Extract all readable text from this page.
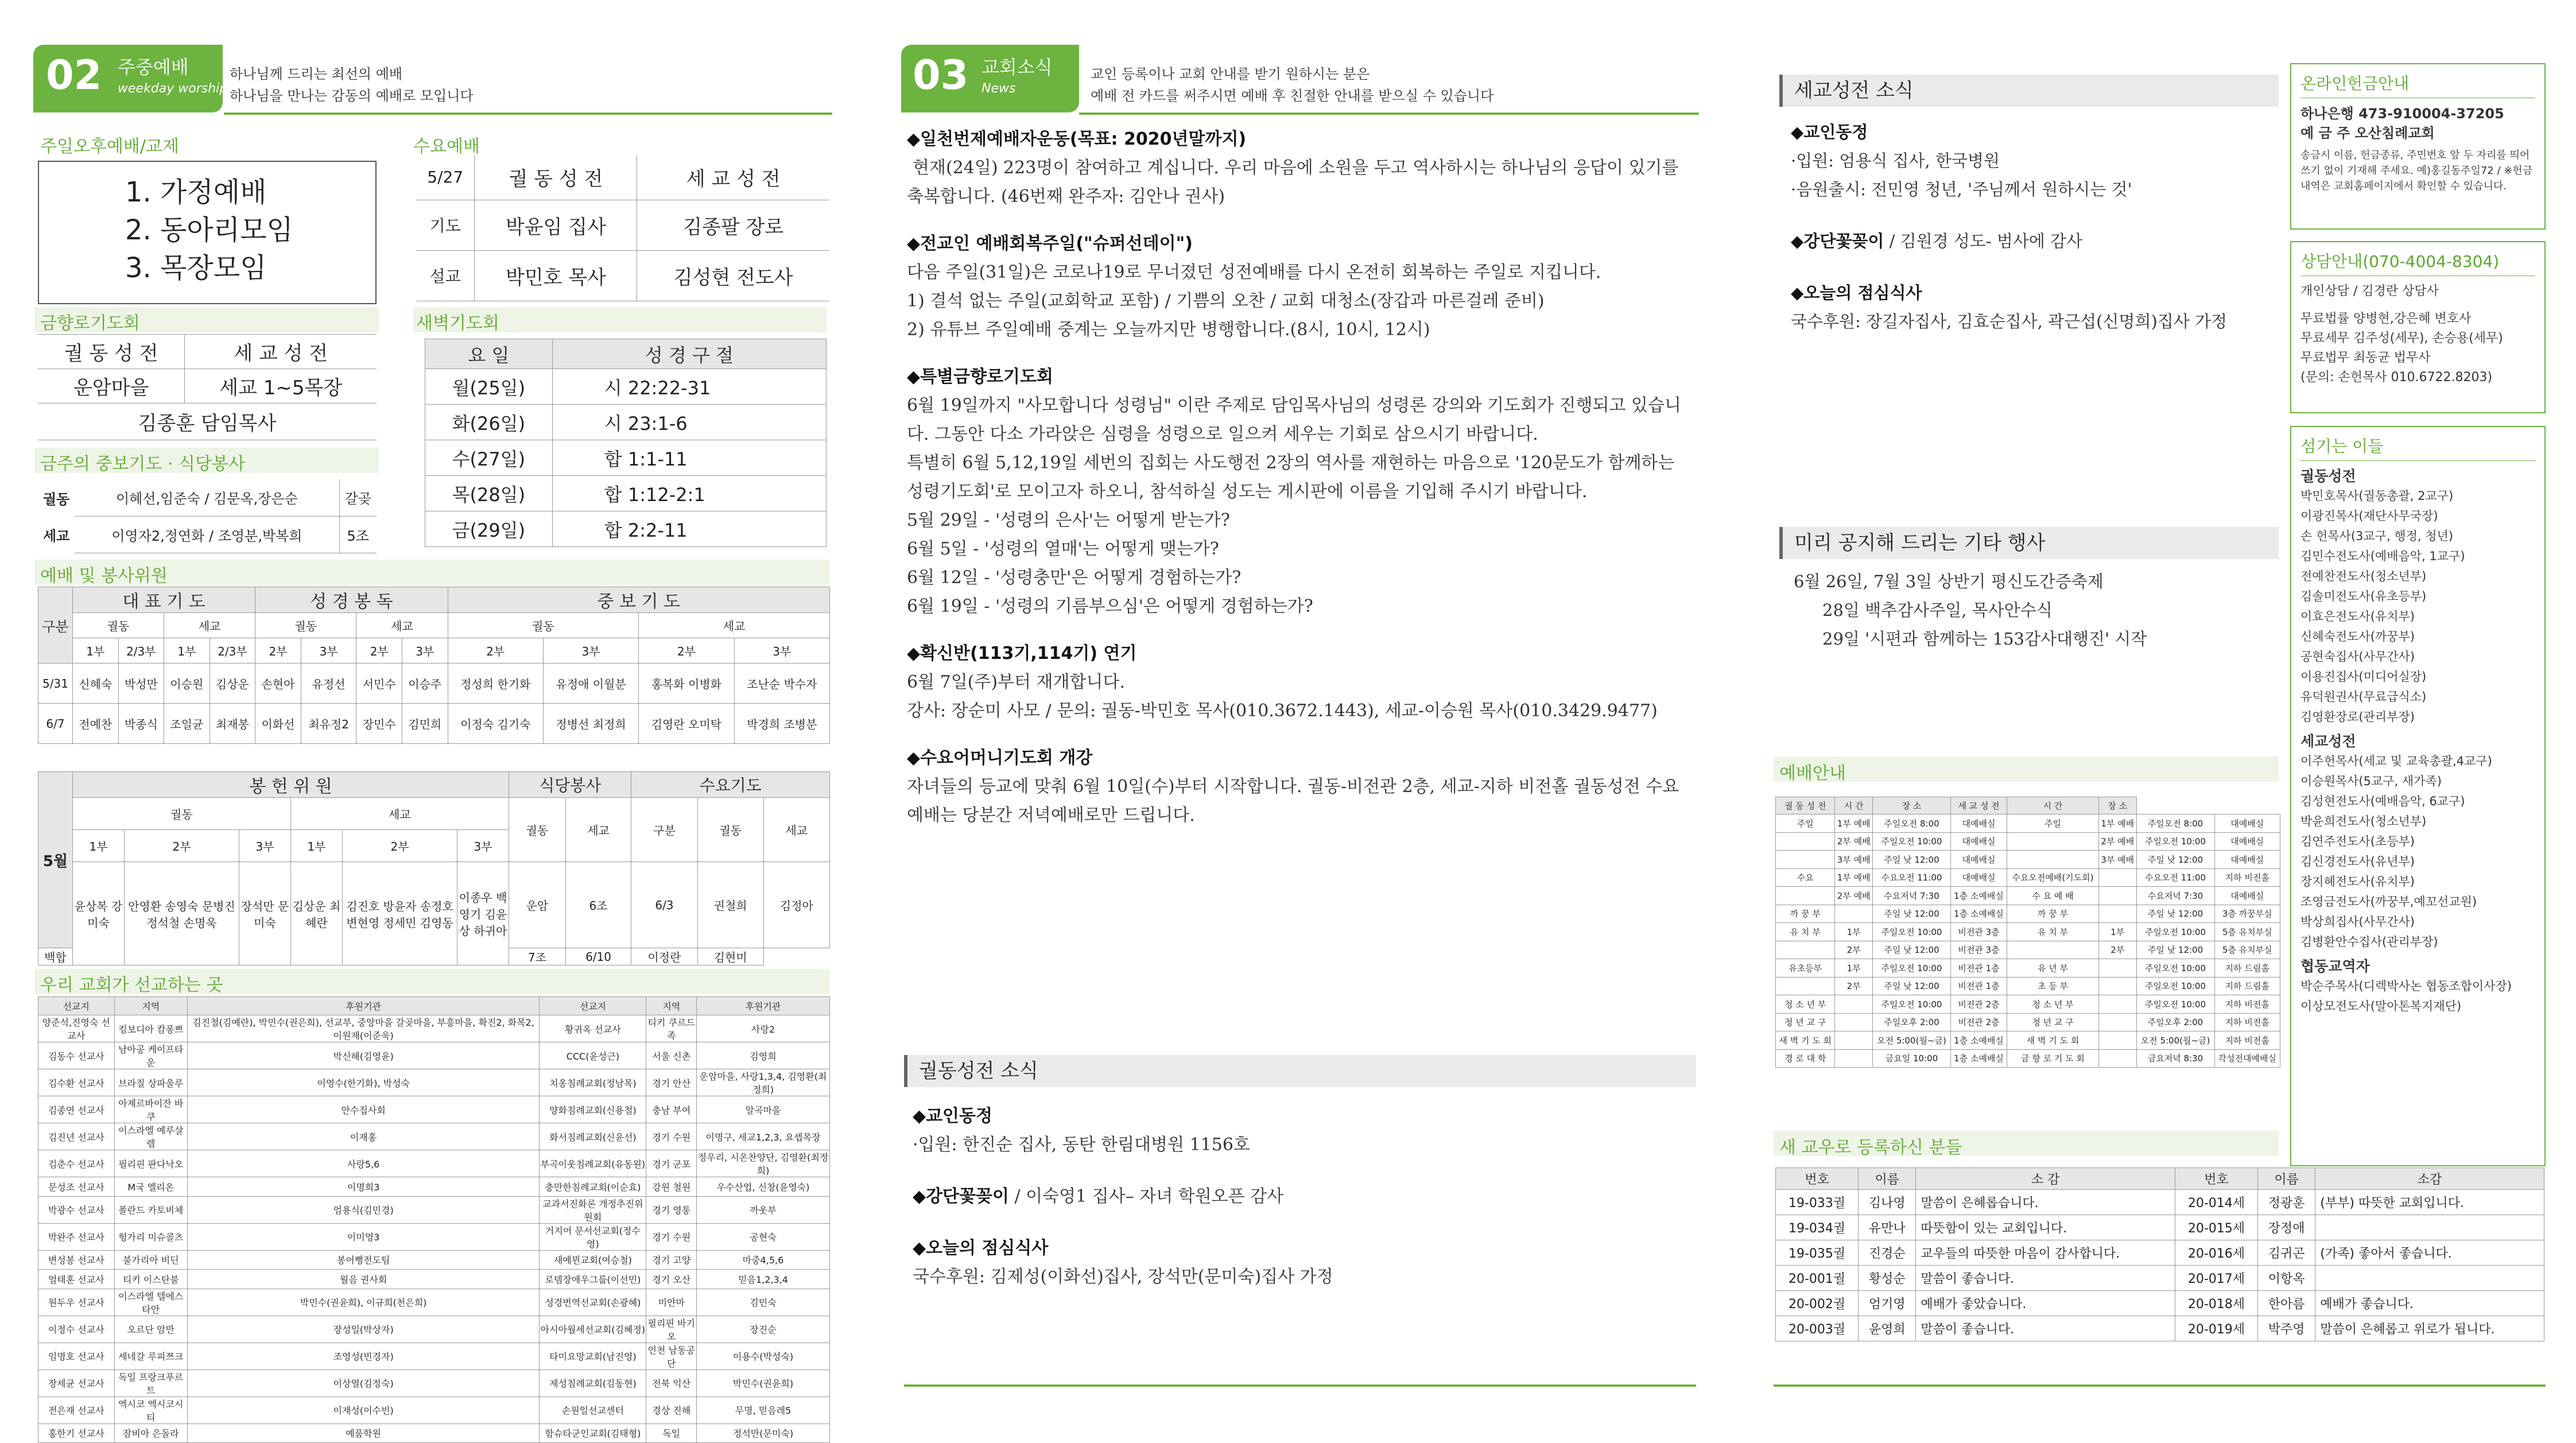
02 주중예배
weekday worship
하나님께 드리는 최선의 예배
하나님을 만나는 감동의 예배로 모입니다
주일오후예배/교제
1. 가정예배
2. 동아리모임
3. 목장모임
수요예배
5/27	궐 동 성 전	세 교 성 전
기도	박윤임 집사	김종팔 장로
설교	박민호 목사	김성현 전도사
금향로기도회
궐 동 성 전	세 교 성 전
운암마을	세교 1~5목장
김종훈 담임목사	
새벽기도회
요 일	성 경 구 절
월(25일)	시 22:22-31
화(26일)	시 23:1-6
수(27일)	합 1:1-11
목(28일)	합 1:12-2:1
금(29일)	합 2:2-11
금주의 중보기도 · 식당봉사
궐동	이혜선,임준숙 / 김문옥,장은순	갈곶
세교	이영자2,정연화 / 조영분,박복희	5조
예배 및 봉사위원
구분	대 표 기 도				성 경 봉 독				중 보 기 도			
	궐동		세교		궐동		세교		궐동		세교	
	1부	2/3부	1부	2/3부	2부	3부	2부	3부	2부	3부	2부	3부
5/31	신혜숙	박성만	이승원	김상운	손현아	유정선	서민수	이승주	정성희 한기화	유정애 이월분	홍복화 이병화	조난순 박수자
6/7	전예찬	박종식	조일균	최재봉	이화선	최유정2	장민수	김민희	이정숙 김기숙	정병선 최정희	김영란 오미탁	박경희 조병분
5월	봉 헌 위 원						식당봉사		수요기도		
	궐동			세교			궐동	세교	구분	궐동	세교
	1부	2부	3부	1부	2부	3부					
	윤상복 강미숙	안영환 송영숙 문병진 정석철 손명욱	장석만 문미숙	김상운 최혜란	김진호 방윤자 송정호 변현영 정세민 김영동	이종우 백영기 김윤상 하귀아	운암	6조	6/3	권철희	김정아
백합							7조	6/10	이정란	김현미	
우리 교회가 선교하는 곳
선교지	지역	후원기관	선교지	지역	후원기관
양준석,진영숙 선교사	킹보디아 캄퐁쁘	김진철(김예란), 박민수(권은희), 선교부, 중앙마을 갈곶마을, 부흥마을, 확진2, 화목2, 이원재(이준욱)	황귀옥 선교사	티키 쿠르드족	사랑2
김동수 선교사	남아공 케이프타운	박신해(김영윤)	CCC(윤성근)	서울 신촌	김영희
김수환 선교사	브라질 상파울루	이영수(한기화), 박성숙	치옹침례교회(정남목)	경기 안산	운암마을, 사랑1,3,4, 김영환(최정희)
김종연 선교사	아제르바이잔 바쿠	안수집사회	양화침례교회(신용철)	충남 부여	알곡마을
김진년 선교사	이스라엘 예루살렘	이재홍	화서침례교회(신윤선)	경기 수원	이명구, 세교1,2,3, 요셉목장
김춘수 선교사	필리핀 판다낙오	사랑5,6	부곡이웃침례교회(유동원)	경기 군포	정우리, 시온찬양단, 김영환(최정희)
문성조 선교사	M국 엘리온	이명희3	충만한침례교회(이순효)	강원 철원	우수산업, 신창(윤영숙)
박광수 선교사	폴란드 카토비체	엄용식(김민경)	교과서진화론 개정추진위원회	경기 영통	까웃부
박완주 선교사	헝가리 미슈콜츠	이미영3	거지어 문서선교회(정수영)	경기 수원	공현숙
변성봉 선교사	불가리아 비딘	봉어뻥전도팀	새예뮌교회(여승철)	경기 고양	마중4,5,6
엄태훈 선교사	티키 이스탄불	월음 권사회	로뎀장애우그룹(이선민)	경기 오산	믿음1,2,3,4
원두우 선교사	이스라엘 텔에스타안	박민수(권윤희), 이규희(천은희)	성경번역선교회(손광혜)	미얀마	김민숙
이정수 선교사	오르단 암만	장성일(박상자)	아시아월세선교회(김혜정)	필리핀 바기오	장진순
임명호 선교사	세네갈 루피쯔크	조영성(빈경자)	타미요망교회(남진영)	인천 남동공단	이용수(박성숙)
장세균 선교사	독일 프랑크푸르트	이상열(김정숙)	제성침례교회(김동현)	전북 익산	박민수(권윤희)
전은재 선교사	엑시코 엑시코시티	이재성(이수빈)	손원일선교센터	경상 진해	무명, 믿음레5
홍한기 선교사	잠비아 은돌라	예품학원	함슈타군인교회(김태형)	독일	정석만(문미숙)
03 교회소식
News
교인 등록이나 교회 안내를 받기 원하시는 분은
예배 전 카드를 써주시면 예배 후 친절한 안내를 받으실 수 있습니다
◆일천번제예배자운동(목표: 2020년말까지)

현재(24일) 223명이 참여하고 계십니다. 우리 마음에 소원을 두고 역사하시는 하나님의 응답이 있기를 축복합니다. (46번째 완주자: 김안나 권사)

◆전교인 예배회복주일("슈퍼선데이")

다음 주일(31일)은 코로나19로 무너졌던 성전예배를 다시 온전히 회복하는 주일로 지킵니다.

1) 결석 없는 주일(교회학교 포함) / 기쁨의 오찬 / 교회 대청소(장갑과 마른걸레 준비)

2) 유튜브 주일예배 중계는 오늘까지만 병행합니다.(8시, 10시, 12시)

◆특별금향로기도회

6월 19일까지 "사모합니다 성령님" 이란 주제로 담임목사님의 성령론 강의와 기도회가 진행되고 있습니다. 그동안 다소 가라앉은 심령을 성령으로 일으켜 세우는 기회로 삼으시기 바랍니다.

특별히 6월 5,12,19일 세번의 집회는 사도행전 2장의 역사를 재현하는 마음으로 '120문도가 함께하는 성령기도회'로 모이고자 하오니, 참석하실 성도는 게시판에 이름을 기입해 주시기 바랍니다.

5월 29일 - '성령의 은사'는 어떻게 받는가?

6월 5일 - '성령의 열매'는 어떻게 맺는가?

6월 12일 - '성령충만'은 어떻게 경험하는가?

6월 19일 - '성령의 기름부으심'은 어떻게 경험하는가?

◆확신반(113기,114기) 연기

6월 7일(주)부터 재개합니다.

강사: 장순미 사모 / 문의: 궐동-박민호 목사(010.3672.1443), 세교-이승원 목사(010.3429.9477)

◆수요어머니기도회 개강

자녀들의 등교에 맞춰 6월 10일(수)부터 시작합니다. 궐동-비전관 2층, 세교-지하 비전홀 궐동성전 수요예배는 당분간 저녁예배로만 드립니다.

궐동성전 소식
◆교인동정

·입원: 한진순 집사, 동탄 한림대병원 1156호

◆강단꽃꽂이 / 이숙영1 집사– 자녀 학원오픈 감사

◆오늘의 점심식사

국수후원: 김제성(이화선)집사, 장석만(문미숙)집사 가정

세교성전 소식
◆교인동정

·입원: 엄용식 집사, 한국병원

·음원출시: 전민영 청년, '주님께서 원하시는 것'

◆강단꽃꽂이 / 김원경 성도- 범사에 감사

◆오늘의 점심식사

국수후원: 장길자집사, 김효순집사, 곽근섭(신명희)집사 가정

미리 공지해 드리는 기타 행사

6월 26일, 7월 3일 상반기 평신도간증축제

28일 백추감사주일, 목사안수식

29일 '시편과 함께하는 153감사대행진' 시작

예배안내
궐 동 성 전	시 간	장 소	세 교 성 전	시 간	장 소		
주일	1부 예배	주일오전 8:00	대예배실	주일	1부 예배	주일오전 8:00	대예배실
	2부 예배	주일오전 10:00	대예배실		2부 예배	주일오전 10:00	대예배실
	3부 예배	주일 낮 12:00	대예배실		3부 예배	주일 낮 12:00	대예배실
수요	1부 예배	수요오전 11:00	대예배실	수요오전예배(기도회)		수요오전 11:00	지하 비전홀
	2부 예배	수요저녁 7:30	1층 소예배실	수 요 예 배		수요저녁 7:30	대예배실
까 꿍 부		주일 낮 12:00	1층 소예배실	까 꿍 부		주일 낮 12:00	3층 까꿍부실
유 치 부	1부	주일오전 10:00	비전관 3층	유 치 부	1부	주일오전 10:00	5층 유치부실
	2부	주일 낮 12:00	비전관 3층		2부	주일 낮 12:00	5층 유치부실
유초등부	1부	주일오전 10:00	비전관 1층	유 년 부		주일오전 10:00	지하 드림홀
	2부	주일 낮 12:00	비전관 1층	초 등 부		주일오전 10:00	지하 드림홀
청 소 년 부		주일오전 10:00	비전관 2층	청 소 년 부		주일오전 10:00	지하 비전홀
청 년 교 구		주일오후 2:00	비전관 2층	청 년 교 구		주일오후 2:00	지하 비전홀
새 벽 기 도 회		오전 5:00(월~금)	1층 소예배실	새 벽 기 도 회		오전 5:00(월~금)	지하 비전홀
경 로 대 학		금요일 10:00	1층 소예배실	금 향 로 기 도 회		금요저녁 8:30	각성전대예배실
새 교우로 등록하신 분들
번호	이름	소 감	번호	이름	소감
19-033궐	김나영	말씀이 은혜롭습니다.	20-014세	정광훈	(부부) 따뜻한 교회입니다.
19-034궐	유만나	따뜻함이 있는 교회입니다.	20-015세	장정애	
19-035궐	진경순	교우들의 따뜻한 마음이 감사합니다.	20-016세	김귀곤	(가족) 좋아서 좋습니다.
20-001궐	황성순	말씀이 좋습니다.	20-017세	이항옥	
20-002궐	엄기영	예배가 좋았습니다.	20-018세	한아름	예배가 좋습니다.
20-003궐	윤영희	말씀이 좋습니다.	20-019세	박주영	말씀이 은혜롭고 위로가 됩니다.
온라인헌금안내
하나은행 473-910004-37205
예 금 주 오산침례교회
송금시 이름, 헌금종류, 주민번호 앞 두 자리를 띄어쓰기 없이 기재해 주세요. 예)홍길동주일72 / ※헌금내역은 교회홈페이지에서 확인할 수 있습니다.
상담안내(070-4004-8304)
개인상담 / 김경란 상담사
무료법률 양병현,강은혜 변호사
무료세무 김주성(세무), 손승용(세무)
무료법무 최동균 법무사
(문의: 손헌목사 010.6722.8203)
섬기는 이들
궐동성전
박민호목사(궐동총괄, 2교구)
이광진목사(재단사무국장)
손 헌목사(3교구, 행정, 청년)
김민수전도사(예배음악, 1교구)
전예찬전도사(청소년부)
김솔미전도사(유초등부)
이효은전도사(유치부)
신혜숙전도사(까꿍부)
공현숙집사(사무간사)
이용진집사(미디어실장)
유덕원권사(무료급식소)
김영환장로(관리부장)
세교성전
이주헌목사(세교 및 교육총괄,4교구)
이승원목사(5교구, 새가족)
김성현전도사(예배음악, 6교구)
박윤희전도사(청소년부)
김연주전도사(초등부)
김신경전도사(유년부)
장지혜전도사(유치부)
조영금전도사(까꿍부,예꼬선교원)
박상희집사(사무간사)
김병환안수집사(관리부장)
협동교역자
박순주목사(디렉박사논 협동조합이사장)
이상모전도사(말아톤복지재단)
